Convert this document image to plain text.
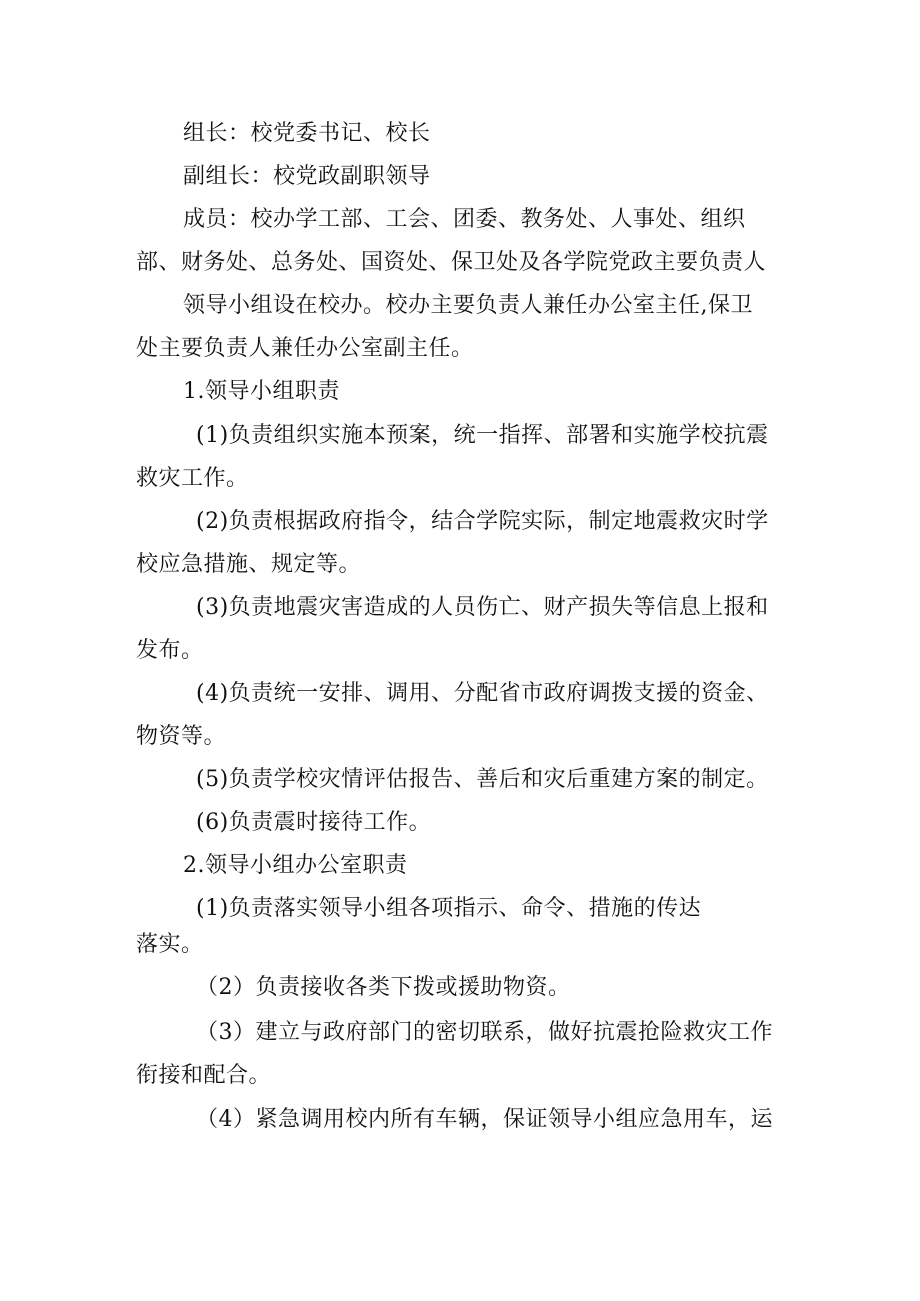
组长：校党委书记、校长
副组长：校党政副职领导
成员：校办学工部、工会、团委、教务处、人事处、组织
部、财务处、总务处、国资处、保卫处及各学院党政主要负责人
领导小组设在校办。校办主要负责人兼任办公室主任,保卫
处主要负责人兼任办公室副主任。
1.领导小组职责
(1)负责组织实施本预案，统一指挥、部署和实施学校抗震
救灾工作。
(2)负责根据政府指令，结合学院实际，制定地震救灾时学
校应急措施、规定等。
(3)负责地震灾害造成的人员伤亡、财产损失等信息上报和
发布。
(4)负责统一安排、调用、分配省市政府调拨支援的资金、
物资等。
(5)负责学校灾情评估报告、善后和灾后重建方案的制定。
(6)负责震时接待工作。
2.领导小组办公室职责
(1)负责落实领导小组各项指示、命令、措施的传达
落实。
（2）负责接收各类下拨或援助物资。
（3）建立与政府部门的密切联系，做好抗震抢险救灾工作
衔接和配合。
（4）紧急调用校内所有车辆，保证领导小组应急用车，运
